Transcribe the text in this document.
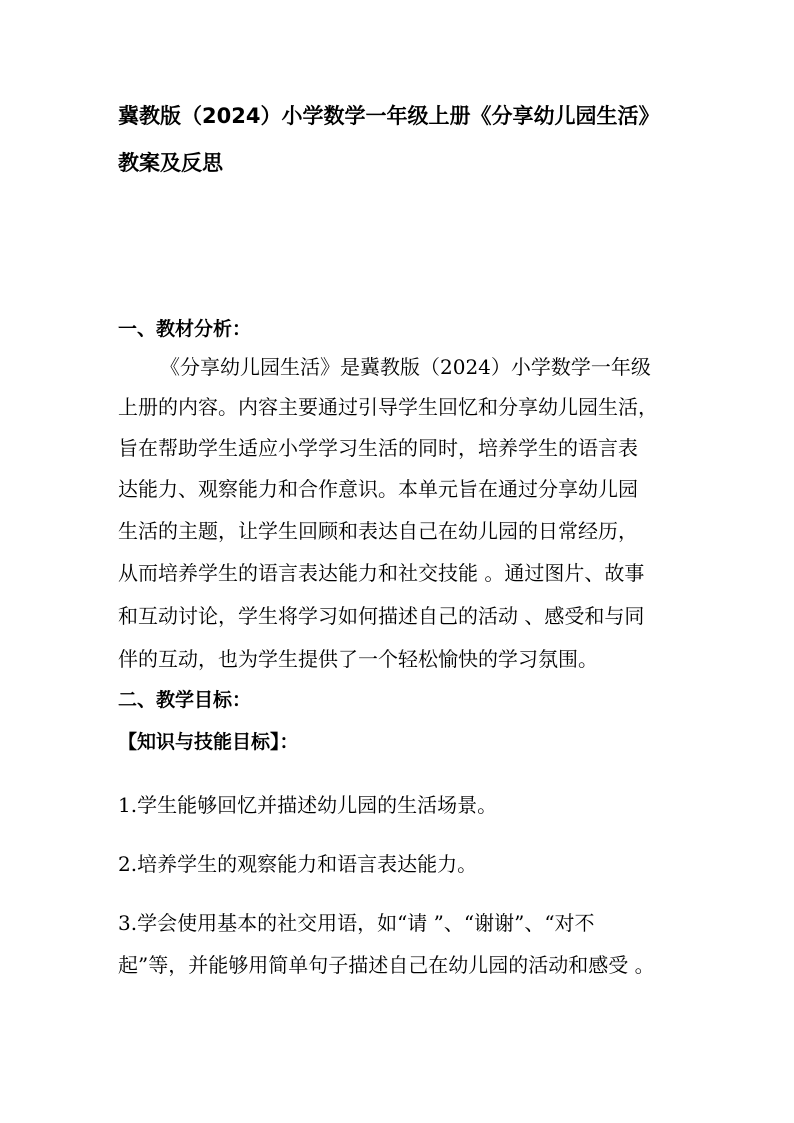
冀教版（2024）小学数学一年级上册《分享幼儿园生活》
教案及反思
一、教材分析：
《分享幼儿园生活》是冀教版（2024）小学数学一年级
上册的内容。内容主要通过引导学生回忆和分享幼儿园生活，
旨在帮助学生适应小学学习生活的同时，培养学生的语言表
达能力、观察能力和合作意识。本单元旨在通过分享幼儿园
生活的主题，让学生回顾和表达自己在幼儿园的日常经历，
从而培养学生的语言表达能力和社交技能 。通过图片、故事
和互动讨论，学生将学习如何描述自己的活动 、感受和与同
伴的互动，也为学生提供了一个轻松愉快的学习氛围。
二、教学目标：
【知识与技能目标】：
1.学生能够回忆并描述幼儿园的生活场景。
2.培养学生的观察能力和语言表达能力。
3.学会使用基本的社交用语，如“请 ”、“谢谢”、“对不
起”等，并能够用简单句子描述自己在幼儿园的活动和感受 。
